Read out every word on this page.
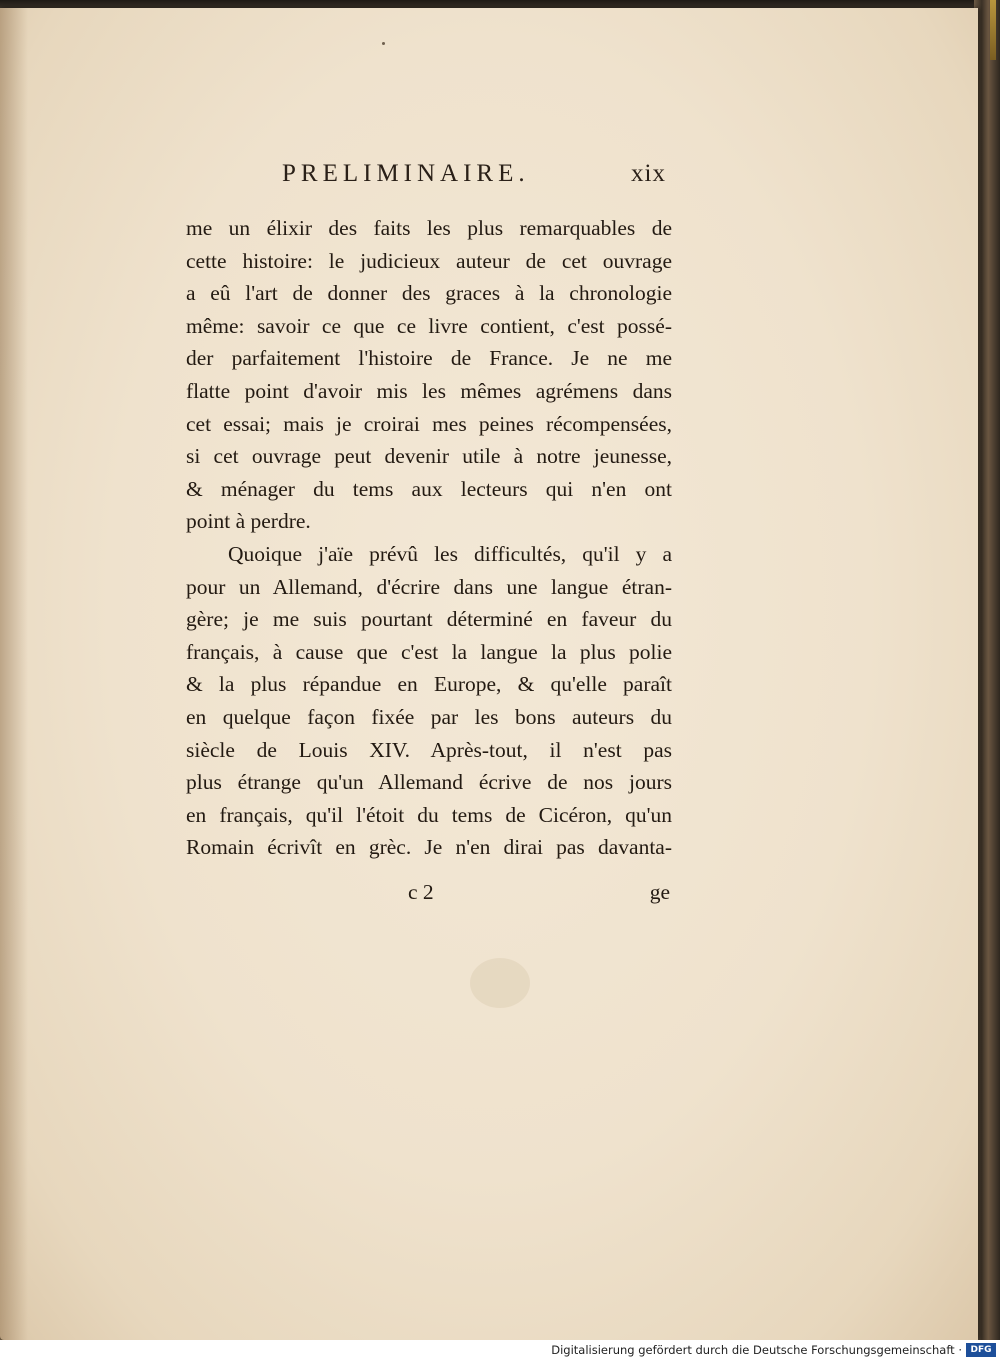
PRELIMINAIRE.	xix
me un élixir des faits les plus remarquables de
cette histoire: le judicieux auteur de cet ouvrage
a eû l'art de donner des graces à la chronologie
même: savoir ce que ce livre contient, c'est possé-
der parfaitement l'histoire de France. Je ne me
flatte point d'avoir mis les mêmes agrémens dans
cet essai; mais je croirai mes peines récompensées,
si cet ouvrage peut devenir utile à notre jeunesse,
& ménager du tems aux lecteurs qui n'en ont
point à perdre.
Quoique j'aïe prévû les difficultés, qu'il y a
pour un Allemand, d'écrire dans une langue étran-
gère; je me suis pourtant déterminé en faveur du
français, à cause que c'est la langue la plus polie
& la plus répandue en Europe, & qu'elle paraît
en quelque façon fixée par les bons auteurs du
siècle de Louis XIV. Après-tout, il n'est pas
plus étrange qu'un Allemand écrive de nos jours
en français, qu'il l'étoit du tems de Cicéron, qu'un
Romain écrivît en grèc. Je n'en dirai pas davanta-
c 2	ge
Digitalisierung gefördert durch die Deutsche Forschungsgemeinschaft · DFG
